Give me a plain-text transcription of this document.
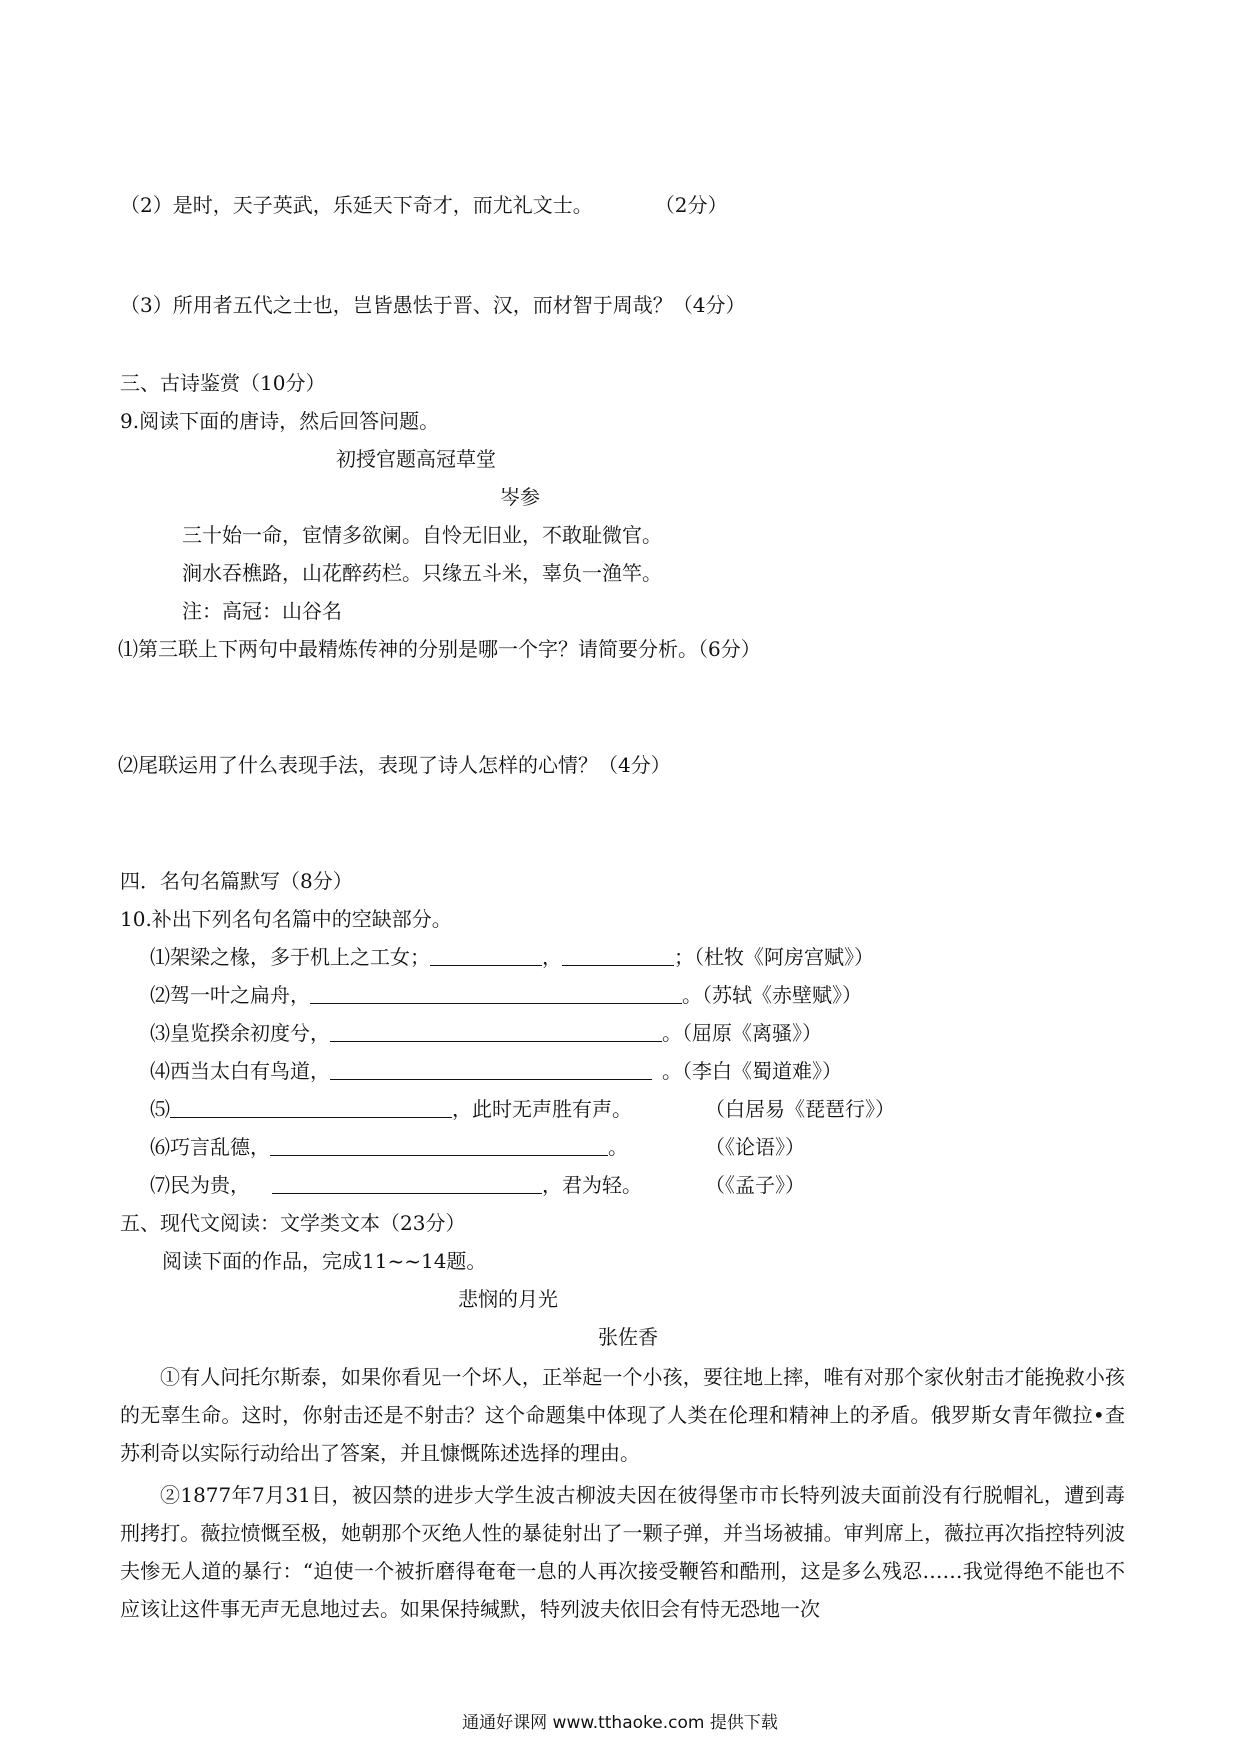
（2）是时，天子英武，乐延天下奇才，而尤礼文士。	（2分）
（3）所用者五代之士也，岂皆愚怯于晋、汉，而材智于周哉？（4分）
三、古诗鉴赏（10分）
9.阅读下面的唐诗，然后回答问题。
初授官题高冠草堂
岑参
三十始一命，宦情多欲阑。自怜无旧业，不敢耻微官。
涧水吞樵路，山花醉药栏。只缘五斗米，辜负一渔竿。
注：高冠：山谷名
⑴第三联上下两句中最精炼传神的分别是哪一个字？请简要分析。（6分）
⑵尾联运用了什么表现手法，表现了诗人怎样的心情？（4分）
四．名句名篇默写（8分）
10.补出下列名句名篇中的空缺部分。
⑴架梁之椽，多于机上之工女；	，	；（杜牧《阿房宫赋》）
⑵驾一叶之扁舟，	。（苏轼《赤壁赋》）
⑶皇览揆余初度兮，	。（屈原《离骚》）
⑷西当太白有鸟道，	。（李白《蜀道难》）
⑸	，此时无声胜有声。	（白居易《琵琶行》）
⑹巧言乱德，	。	（《论语》）
⑺民为贵，	，君为轻。	（《孟子》）
五、现代文阅读：文学类文本（23分）
阅读下面的作品，完成11~~14题。
悲悯的月光
张佐香
①有人问托尔斯泰，如果你看见一个坏人，正举起一个小孩，要往地上摔，唯有对那个家伙射击才能挽救小孩的无辜生命。这时，你射击还是不射击？这个命题集中体现了人类在伦理和精神上的矛盾。俄罗斯女青年微拉•查苏利奇以实际行动给出了答案，并且慷慨陈述选择的理由。
②1877年7月31日，被囚禁的进步大学生波古柳波夫因在彼得堡市市长特列波夫面前没有行脱帽礼，遭到毒刑拷打。薇拉愤慨至极，她朝那个灭绝人性的暴徒射出了一颗子弹，并当场被捕。审判席上，薇拉再次指控特列波夫惨无人道的暴行：“迫使一个被折磨得奄奄一息的人再次接受鞭笞和酷刑，这是多么残忍……我觉得绝不能也不应该让这件事无声无息地过去。如果保持缄默，特列波夫依旧会有恃无恐地一次
通通好课网 www.tthaoke.com 提供下载
